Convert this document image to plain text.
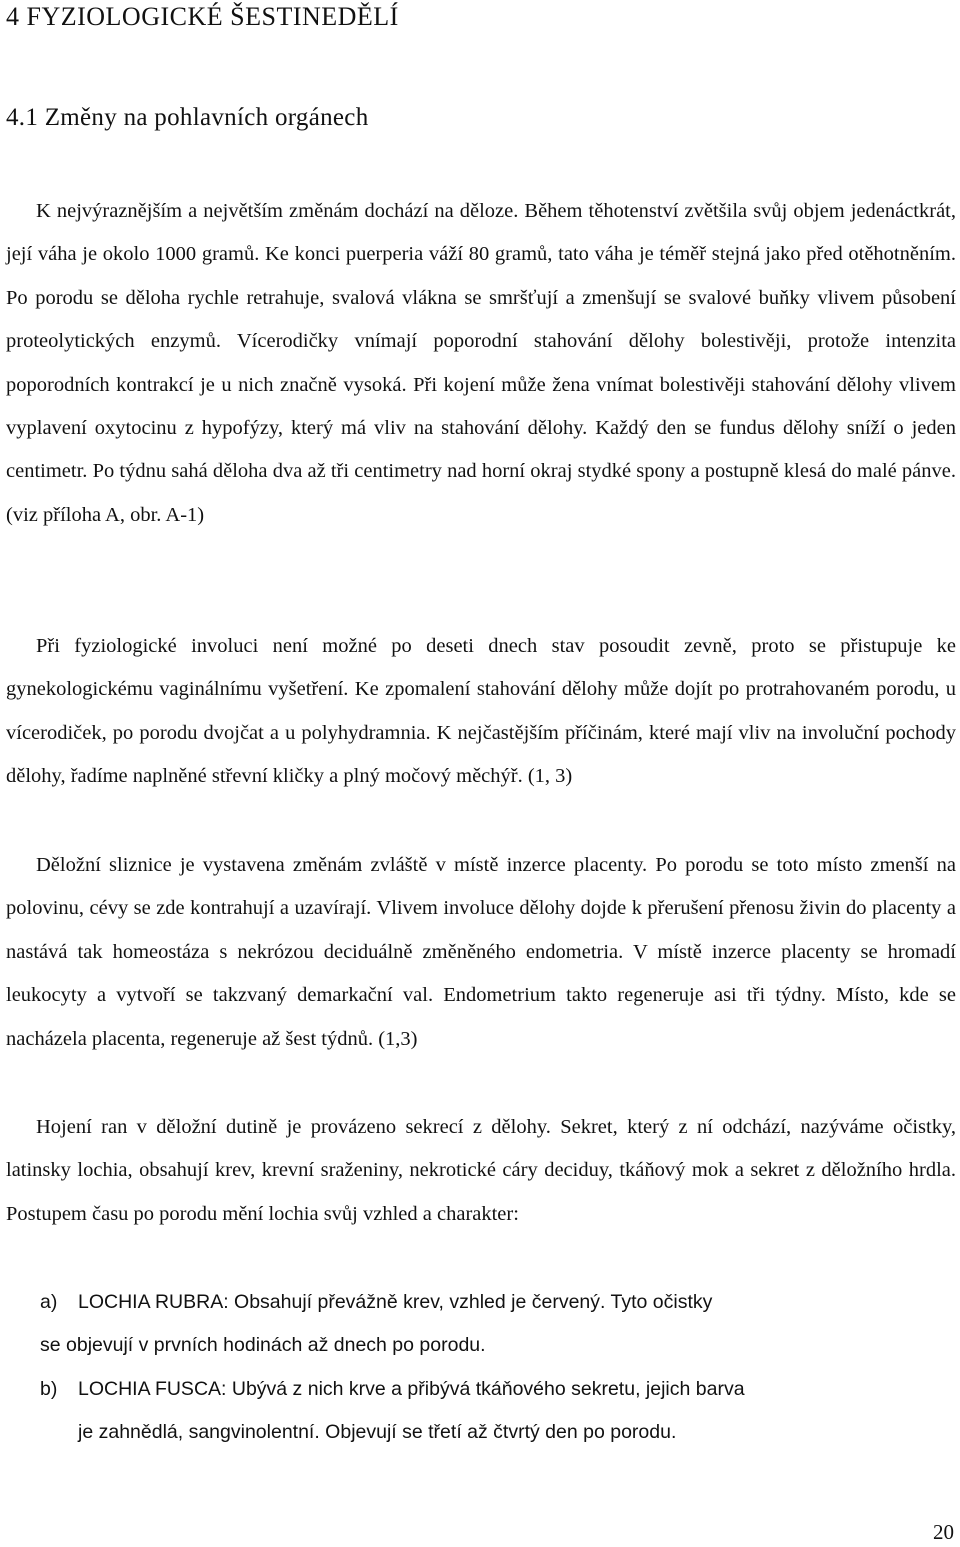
4 FYZIOLOGICKÉ ŠESTINEDĚLÍ
4.1 Změny na pohlavních orgánech

K nejvýraznějším a největším změnám dochází na děloze. Během těhotenství zvětšila svůj objem jedenáctkrát, její váha je okolo 1000 gramů. Ke konci puerperia váží 80 gramů, tato váha je téměř stejná jako před otěhotněním. Po porodu se děloha rychle retrahuje, svalová vlákna se smršťují a zmenšují se svalové buňky vlivem působení proteolytických enzymů. Vícerodičky vnímají poporodní stahování dělohy bolestivěji, protože intenzita poporodních kontrakcí je u nich značně vysoká. Při kojení může žena vnímat bolestivěji stahování dělohy vlivem vyplavení oxytocinu z hypofýzy, který má vliv na stahování dělohy. Každý den se fundus dělohy sníží o jeden centimetr. Po týdnu sahá děloha dva až tři centimetry nad horní okraj stydké spony a postupně klesá do malé pánve. (viz příloha A, obr. A-1)

Při fyziologické involuci není možné po deseti dnech stav posoudit zevně, proto se přistupuje ke gynekologickému vaginálnímu vyšetření. Ke zpomalení stahování dělohy může dojít po protrahovaném porodu, u vícerodiček, po porodu dvojčat a u polyhydramnia. K nejčastějším příčinám, které mají vliv na involuční pochody dělohy, řadíme naplněné střevní kličky a plný močový měchýř. (1, 3)

Děložní sliznice je vystavena změnám zvláště v místě inzerce placenty. Po porodu se toto místo zmenší na polovinu, cévy se zde kontrahují a uzavírají. Vlivem involuce dělohy dojde k přerušení přenosu živin do placenty a nastává tak homeostáza s nekrózou deciduálně změněného endometria. V místě inzerce placenty se hromadí leukocyty a vytvoří se takzvaný demarkační val. Endometrium takto regeneruje asi tři týdny. Místo, kde se nacházela placenta, regeneruje až šest týdnů. (1,3)

Hojení ran v děložní dutině je provázeno sekrecí z dělohy. Sekret, který z ní odchází, nazýváme očistky, latinsky lochia, obsahují krev, krevní sraženiny, nekrotické cáry deciduy, tkáňový mok a sekret z děložního hrdla. Postupem času po porodu mění lochia svůj vzhled a charakter:

a) LOCHIA RUBRA: Obsahují převážně krev, vzhled je červený. Tyto očistky
se objevují v prvních hodinách až dnech po porodu.
b) LOCHIA FUSCA: Ubývá z nich krve a přibývá tkáňového sekretu, jejich barva
je zahnědlá, sangvinolentní. Objevují se třetí až čtvrtý den po porodu.
20
